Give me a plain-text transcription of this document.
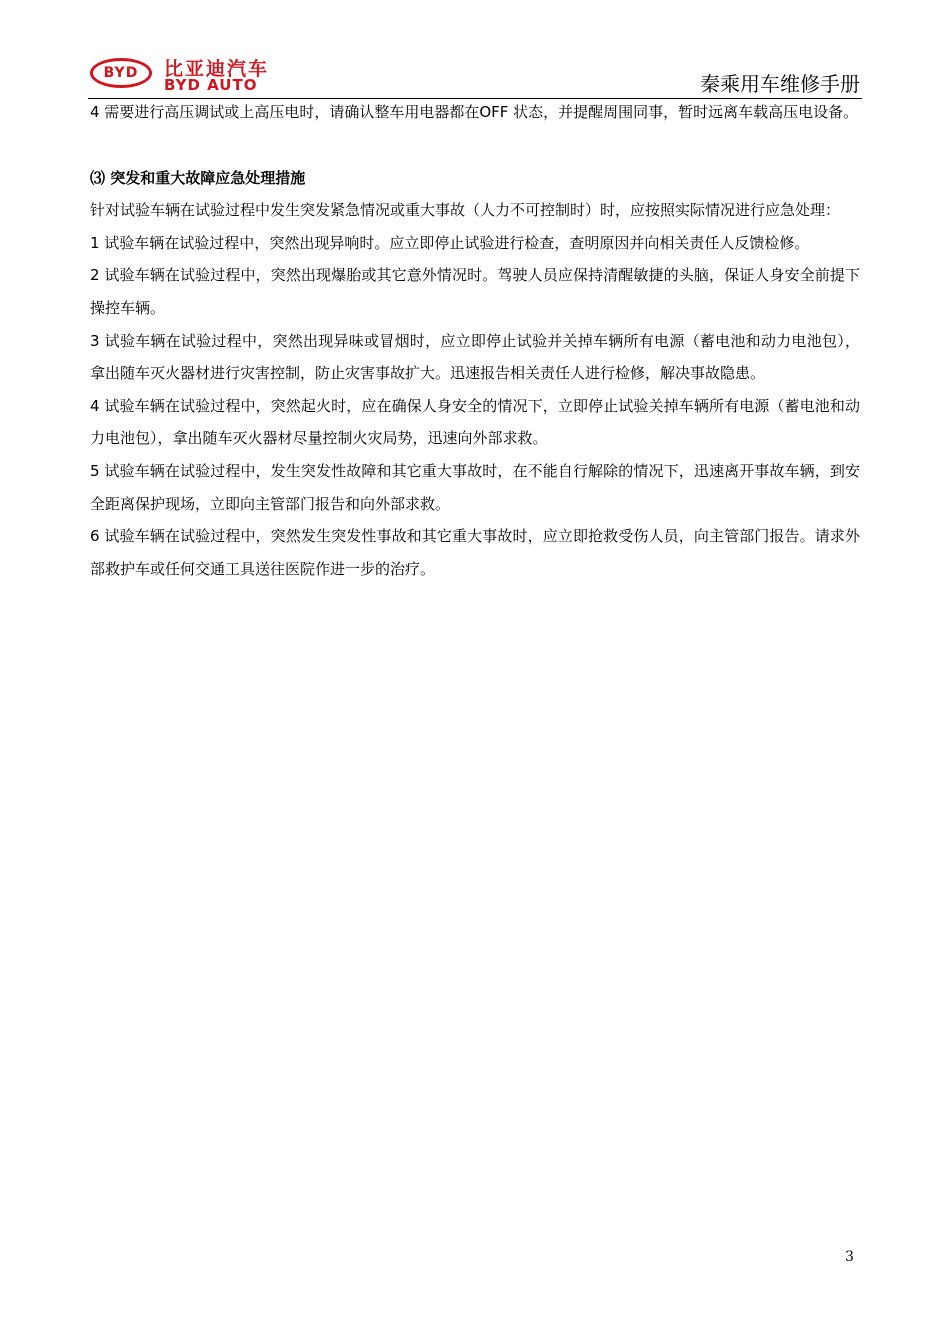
BYD	比亚迪汽车
BYD AUTO	秦乘用车维修手册

4 需要进行高压调试或上高压电时，请确认整车用电器都在OFF 状态，并提醒周围同事，暂时远离车载高压电设备。

⑶ 突发和重大故障应急处理措施

针对试验车辆在试验过程中发生突发紧急情况或重大事故（人力不可控制时）时，应按照实际情况进行应急处理：

1 试验车辆在试验过程中，突然出现异响时。应立即停止试验进行检查，查明原因并向相关责任人反馈检修。

2 试验车辆在试验过程中，突然出现爆胎或其它意外情况时。驾驶人员应保持清醒敏捷的头脑，保证人身安全前提下操控车辆。

3 试验车辆在试验过程中，突然出现异味或冒烟时，应立即停止试验并关掉车辆所有电源（蓄电池和动力电池包），拿出随车灭火器材进行灾害控制，防止灾害事故扩大。迅速报告相关责任人进行检修，解决事故隐患。

4 试验车辆在试验过程中，突然起火时，应在确保人身安全的情况下，立即停止试验关掉车辆所有电源（蓄电池和动力电池包），拿出随车灭火器材尽量控制火灾局势，迅速向外部求救。

5 试验车辆在试验过程中，发生突发性故障和其它重大事故时，在不能自行解除的情况下，迅速离开事故车辆，到安全距离保护现场，立即向主管部门报告和向外部求救。

6 试验车辆在试验过程中，突然发生突发性事故和其它重大事故时，应立即抢救受伤人员，向主管部门报告。请求外部救护车或任何交通工具送往医院作进一步的治疗。

3
